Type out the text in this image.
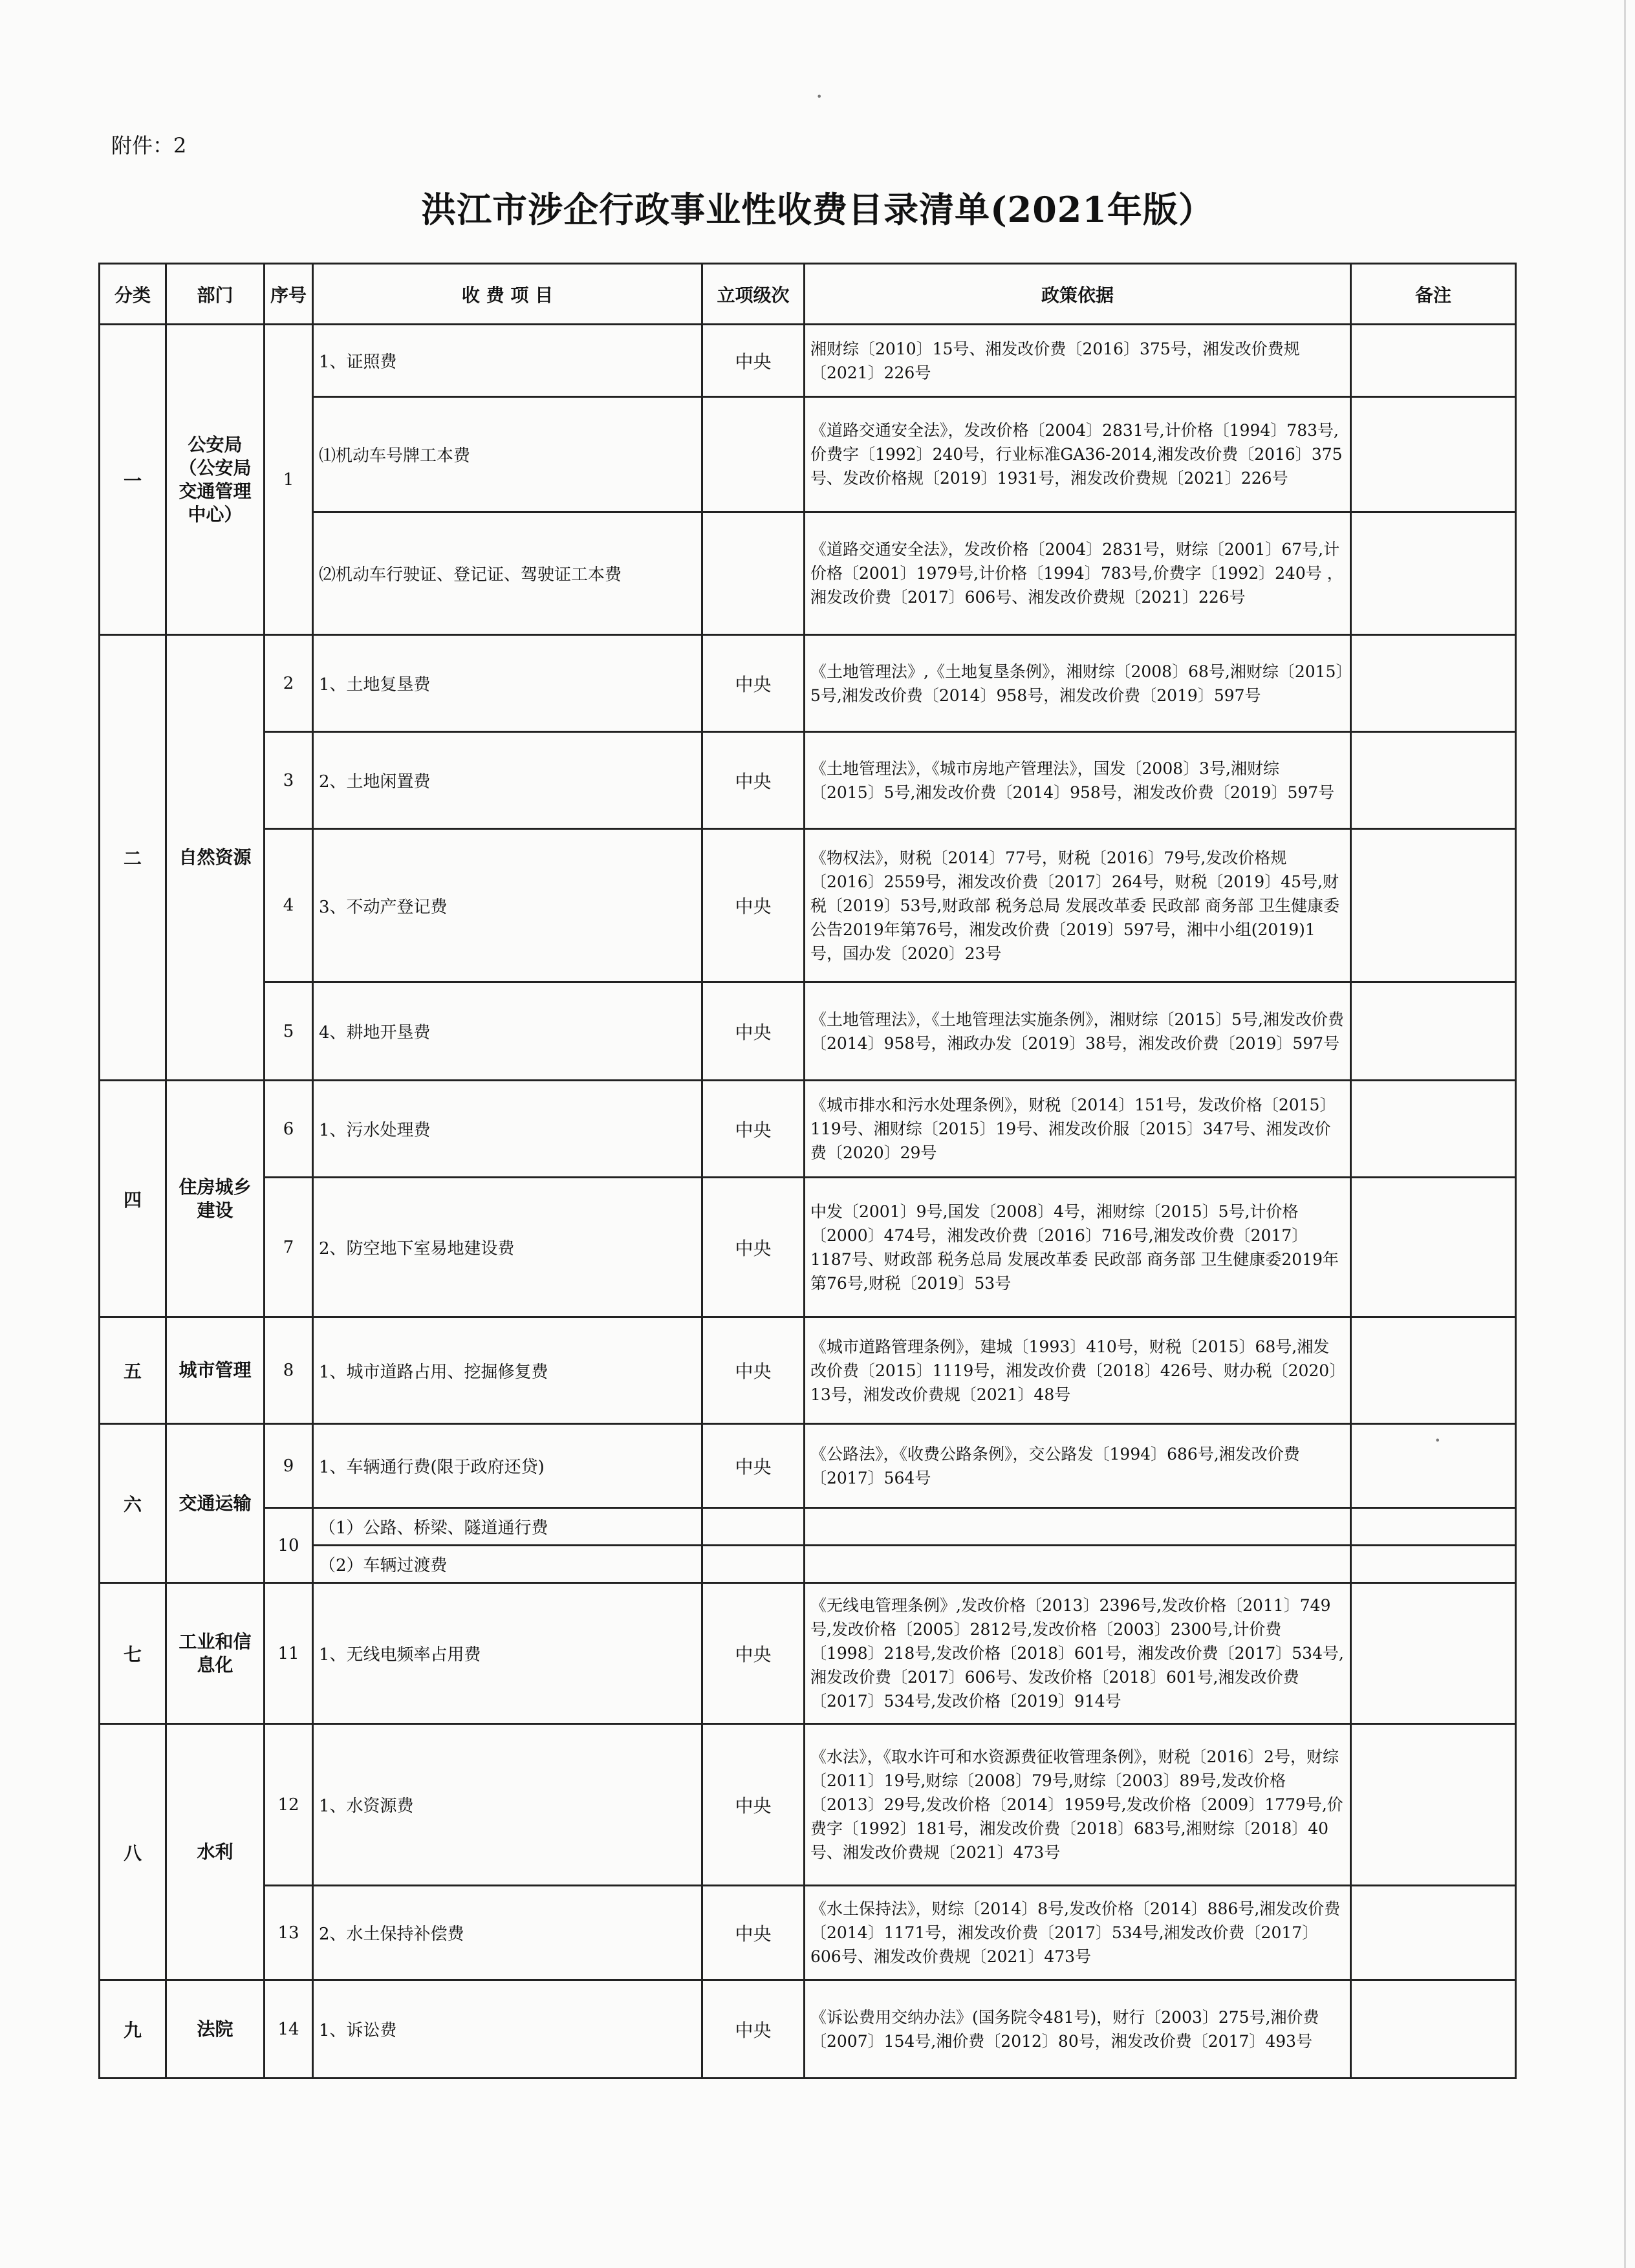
•
•
附件：2
洪江市涉企行政事业性收费目录清单(2021年版）
分类	部门	序号	收 费 项 目	立项级次	政策依据	备注
一	公安局（公安局交通管理中心）	1	1、证照费	中央	湘财综〔2010〕15号、湘发改价费〔2016〕375号，湘发改价费规〔2021〕226号	
			⑴机动车号牌工本费		《道路交通安全法》，发改价格〔2004〕2831号,计价格〔1994〕783号,价费字〔1992〕240号，行业标准GA36-2014,湘发改价费〔2016〕375号、发改价格规〔2019〕1931号，湘发改价费规〔2021〕226号	
			⑵机动车行驶证、登记证、驾驶证工本费		《道路交通安全法》，发改价格〔2004〕2831号，财综〔2001〕67号,计价格〔2001〕1979号,计价格〔1994〕783号,价费字〔1992〕240号 ，湘发改价费〔2017〕606号、湘发改价费规〔2021〕226号	
二	自然资源	2	1、土地复垦费	中央	《土地管理法》,《土地复垦条例》，湘财综〔2008〕68号,湘财综〔2015〕5号,湘发改价费〔2014〕958号，湘发改价费〔2019〕597号	
		3	2、土地闲置费	中央	《土地管理法》，《城市房地产管理法》，国发〔2008〕3号,湘财综〔2015〕5号,湘发改价费〔2014〕958号，湘发改价费〔2019〕597号	
		4	3、不动产登记费	中央	《物权法》，财税〔2014〕77号，财税〔2016〕79号,发改价格规〔2016〕2559号，湘发改价费〔2017〕264号，财税〔2019〕45号,财税〔2019〕53号,财政部 税务总局 发展改革委 民政部 商务部 卫生健康委公告2019年第76号，湘发改价费〔2019〕597号，湘中小组(2019)1号，国办发〔2020〕23号	
		5	4、耕地开垦费	中央	《土地管理法》，《土地管理法实施条例》，湘财综〔2015〕5号,湘发改价费〔2014〕958号，湘政办发〔2019〕38号，湘发改价费〔2019〕597号	
四	住房城乡建设	6	1、污水处理费	中央	《城市排水和污水处理条例》，财税〔2014〕151号，发改价格〔2015〕119号、湘财综〔2015〕19号、湘发改价服〔2015〕347号、湘发改价费〔2020〕29号	
		7	2、防空地下室易地建设费	中央	中发〔2001〕9号,国发〔2008〕4号，湘财综〔2015〕5号,计价格〔2000〕474号，湘发改价费〔2016〕716号,湘发改价费〔2017〕1187号、财政部 税务总局 发展改革委 民政部 商务部 卫生健康委2019年第76号,财税〔2019〕53号	
五	城市管理	8	1、城市道路占用、挖掘修复费	中央	《城市道路管理条例》，建城〔1993〕410号，财税〔2015〕68号,湘发改价费〔2015〕1119号，湘发改价费〔2018〕426号、财办税〔2020〕13号，湘发改价费规〔2021〕48号	
六	交通运输	9	1、车辆通行费(限于政府还贷)	中央	《公路法》，《收费公路条例》，交公路发〔1994〕686号,湘发改价费〔2017〕564号	
		10	（1）公路、桥梁、隧道通行费			
			（2）车辆过渡费			
七	工业和信息化	11	1、无线电频率占用费	中央	《无线电管理条例》,发改价格〔2013〕2396号,发改价格〔2011〕749号,发改价格〔2005〕2812号,发改价格〔2003〕2300号,计价费〔1998〕218号,发改价格〔2018〕601号，湘发改价费〔2017〕534号,湘发改价费〔2017〕606号、发改价格〔2018〕601号,湘发改价费〔2017〕534号,发改价格〔2019〕914号	
八	水利	12	1、水资源费	中央	《水法》，《取水许可和水资源费征收管理条例》，财税〔2016〕2号，财综〔2011〕19号,财综〔2008〕79号,财综〔2003〕89号,发改价格〔2013〕29号,发改价格〔2014〕1959号,发改价格〔2009〕1779号,价费字〔1992〕181号，湘发改价费〔2018〕683号,湘财综〔2018〕40号、湘发改价费规〔2021〕473号	
		13	2、水土保持补偿费	中央	《水土保持法》，财综〔2014〕8号,发改价格〔2014〕886号,湘发改价费〔2014〕1171号，湘发改价费〔2017〕534号,湘发改价费〔2017〕606号、湘发改价费规〔2021〕473号	
九	法院	14	1、诉讼费	中央	《诉讼费用交纳办法》(国务院令481号)，财行〔2003〕275号,湘价费〔2007〕154号,湘价费〔2012〕80号，湘发改价费〔2017〕493号	
